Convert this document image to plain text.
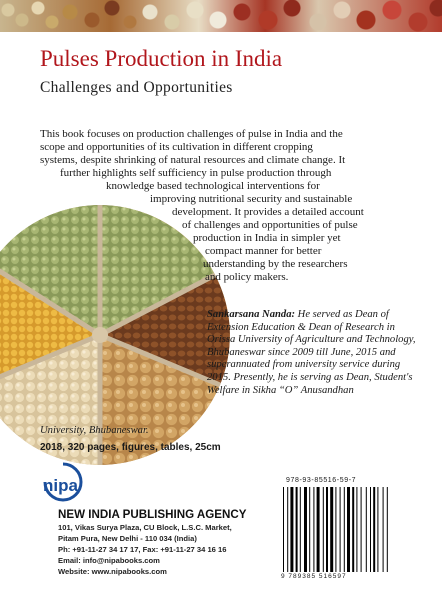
Pulses Production in India
Challenges and Opportunities
This book focuses on production challenges of pulse in India and the
scope and opportunities of its cultivation in different cropping
systems, despite shrinking of natural resources and climate change. It
further highlights self sufficiency in pulse production through
knowledge based technological interventions for
improving nutritional security and sustainable
development. It provides a detailed account
of challenges and opportunities of pulse
production in India in simpler yet
compact manner for better
understanding by the researchers
and policy makers.
Sankarsana Nanda: He served as Dean of Extension Education & Dean of Research in Orissa University of Agriculture and Technology, Bhubaneswar since 2009 till June, 2015 and superannuated from university service during 2015. Presently, he is serving as Dean, Student's Welfare in Sikha “O” Anusandhan
University, Bhubaneswar.
2018, 320 pages, figures, tables, 25cm
nipa
NEW INDIA PUBLISHING AGENCY
101, Vikas Surya Plaza, CU Block, L.S.C. Market,
Pitam Pura, New Delhi - 110 034 (India)
Ph: +91-11-27 34 17 17, Fax: +91-11-27 34 16 16
Email: info@nipabooks.com
Website: www.nipabooks.com
978-93-85516-59-7
9 789385 516597
